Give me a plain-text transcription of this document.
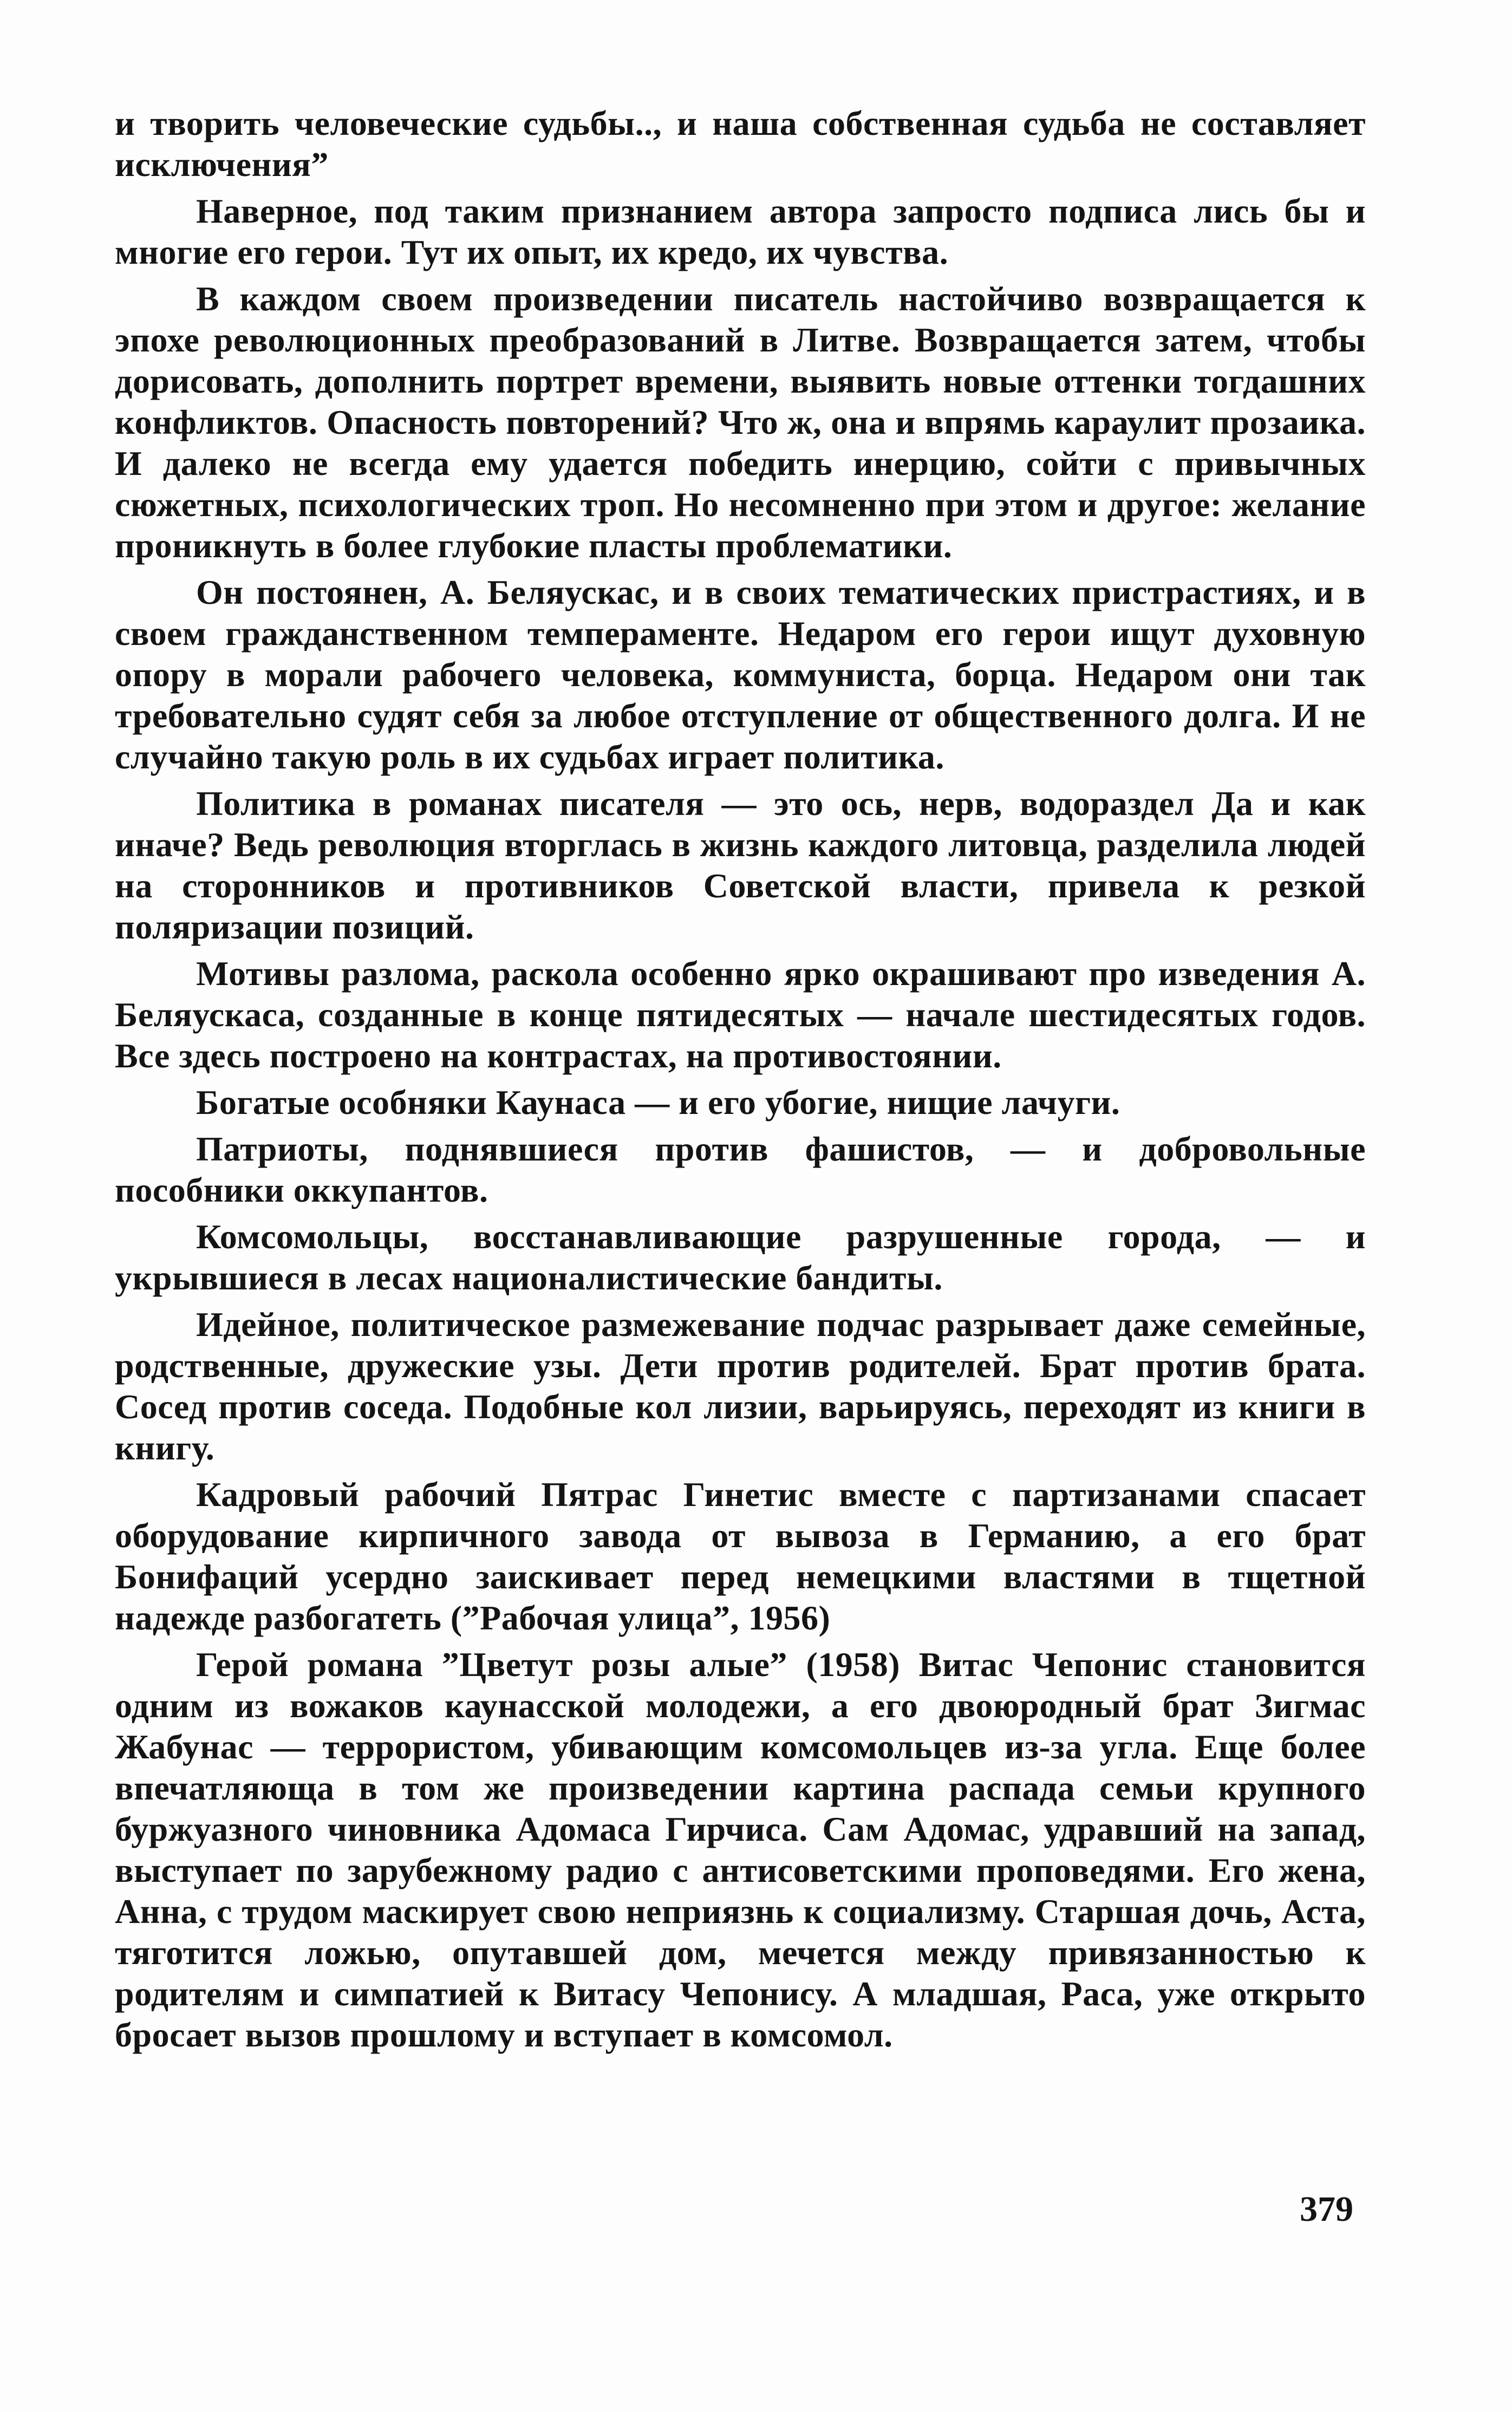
и творить человеческие судьбы.., и наша собственная судьба не составляет исключения”

Наверное, под таким признанием автора запросто подписа лись бы и многие его герои. Тут их опыт, их кредо, их чувства.

В каждом своем произведении писатель настойчиво возвращается к эпохе революционных преобразований в Литве. Возвращается затем, чтобы дорисовать, дополнить портрет времени, выявить новые оттенки тогдашних конфликтов. Опасность повторений? Что ж, она и впрямь караулит прозаика. И далеко не всегда ему удается победить инерцию, сойти с привычных сюжетных, психологических троп. Но несомненно при этом и другое: желание проникнуть в более глубокие пласты проблематики.

Он постоянен, А. Беляускас, и в своих тематических пристрастиях, и в своем гражданственном темпераменте. Недаром его герои ищут духовную опору в морали рабочего человека, коммуниста, борца. Недаром они так требовательно судят себя за любое отступление от общественного долга. И не случайно такую роль в их судьбах играет политика.

Политика в романах писателя — это ось, нерв, водораздел Да и как иначе? Ведь революция вторглась в жизнь каждого литовца, разделила людей на сторонников и противников Советской власти, привела к резкой поляризации позиций.

Мотивы разлома, раскола особенно ярко окрашивают про изведения А. Беляускаса, созданные в конце пятидесятых — начале шестидесятых годов. Все здесь построено на контрастах, на противостоянии.

Богатые особняки Каунаса — и его убогие, нищие лачуги.

Патриоты, поднявшиеся против фашистов, — и добровольные пособники оккупантов.

Комсомольцы, восстанавливающие разрушенные города, — и укрывшиеся в лесах националистические бандиты.

Идейное, политическое размежевание подчас разрывает даже семейные, родственные, дружеские узы. Дети против родителей. Брат против брата. Сосед против соседа. Подобные кол лизии, варьируясь, переходят из книги в книгу.

Кадровый рабочий Пятрас Гинетис вместе с партизанами спасает оборудование кирпичного завода от вывоза в Германию, а его брат Бонифаций усердно заискивает перед немецкими властями в тщетной надежде разбогатеть (”Рабочая улица”, 1956)

Герой романа ”Цветут розы алые” (1958) Витас Чепонис становится одним из вожаков каунасской молодежи, а его двоюродный брат Зигмас Жабунас — террористом, убивающим комсомольцев из-за угла. Еще более впечатляюща в том же произведении картина распада семьи крупного буржуазного чиновника Адомаса Гирчиса. Сам Адомас, удравший на запад, выступает по зарубежному радио с антисоветскими проповедями. Его жена, Анна, с трудом маскирует свою неприязнь к социализму. Старшая дочь, Аста, тяготится ложью, опутавшей дом, мечется между привязанностью к родителям и симпатией к Витасу Чепонису. А младшая, Раса, уже открыто бросает вызов прошлому и вступает в комсомол.

379
